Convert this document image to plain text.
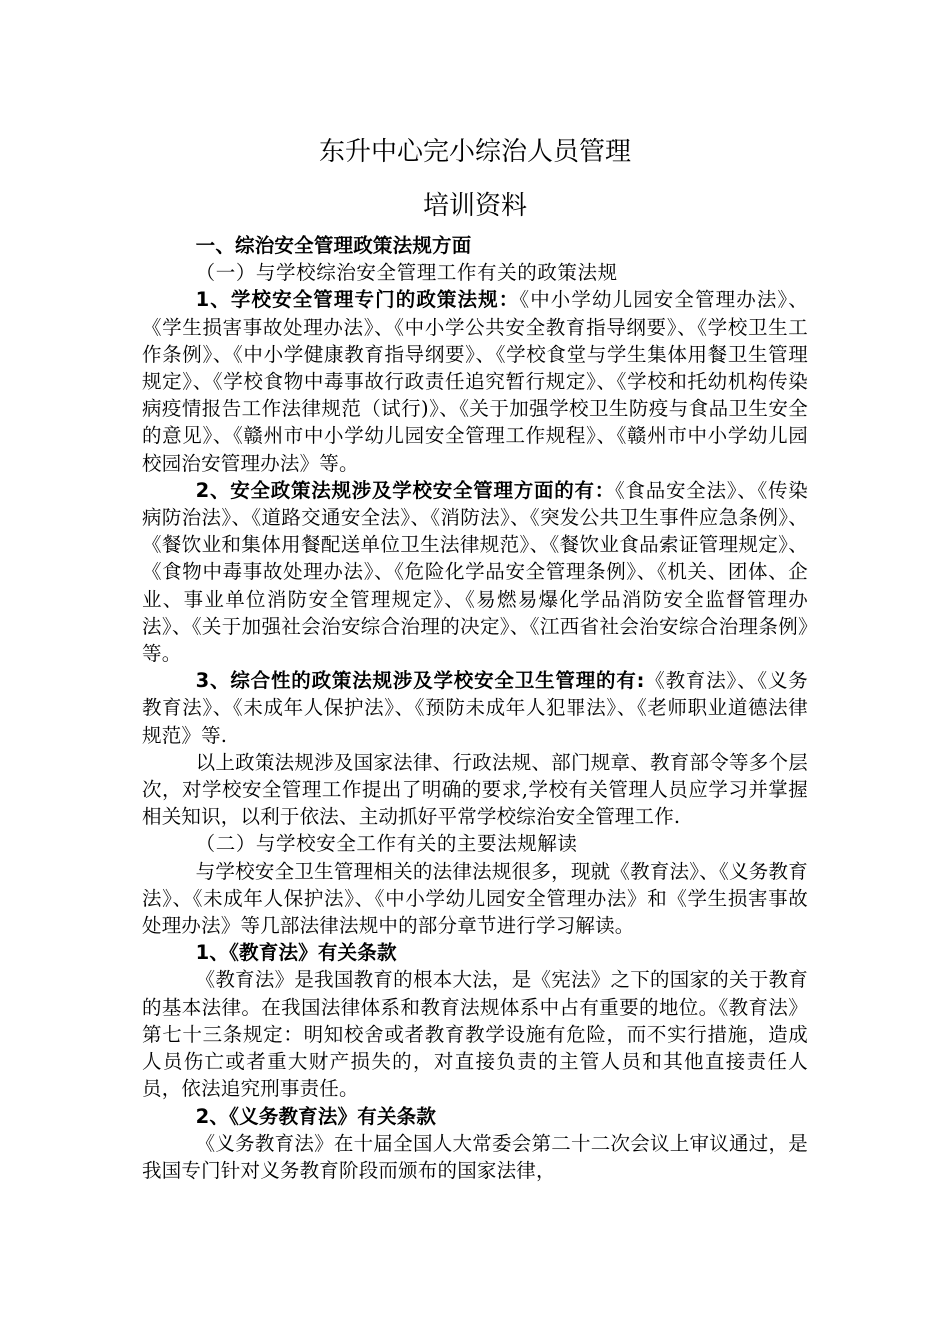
东升中心完小综治人员管理
培训资料

一、综治安全管理政策法规方面

（一）与学校综治安全管理工作有关的政策法规

1、学校安全管理专门的政策法规：《中小学幼儿园安全管理办法》、《学生损害事故处理办法》、《中小学公共安全教育指导纲要》、《学校卫生工作条例》、《中小学健康教育指导纲要》、《学校食堂与学生集体用餐卫生管理规定》、《学校食物中毒事故行政责任追究暂行规定》、《学校和托幼机构传染病疫情报告工作法律规范（试行)》、《关于加强学校卫生防疫与食品卫生安全的意见》、《赣州市中小学幼儿园安全管理工作规程》、《赣州市中小学幼儿园校园治安管理办法》等。

2、安全政策法规涉及学校安全管理方面的有：《食品安全法》、《传染病防治法》、《道路交通安全法》、《消防法》、《突发公共卫生事件应急条例》、《餐饮业和集体用餐配送单位卫生法律规范》、《餐饮业食品索证管理规定》、《食物中毒事故处理办法》、《危险化学品安全管理条例》、《机关、团体、企业、事业单位消防安全管理规定》、《易燃易爆化学品消防安全监督管理办法》、《关于加强社会治安综合治理的决定》、《江西省社会治安综合治理条例》等。

3、综合性的政策法规涉及学校安全卫生管理的有:《教育法》、《义务教育法》、《未成年人保护法》、《预防未成年人犯罪法》、《老师职业道德法律规范》等.

以上政策法规涉及国家法律、行政法规、部门规章、教育部令等多个层次，对学校安全管理工作提出了明确的要求,学校有关管理人员应学习并掌握相关知识，以利于依法、主动抓好平常学校综治安全管理工作.

（二）与学校安全工作有关的主要法规解读

与学校安全卫生管理相关的法律法规很多，现就《教育法》、《义务教育法》、《未成年人保护法》、《中小学幼儿园安全管理办法》和《学生损害事故处理办法》等几部法律法规中的部分章节进行学习解读。

1、《教育法》有关条款

《教育法》是我国教育的根本大法，是《宪法》之下的国家的关于教育的基本法律。在我国法律体系和教育法规体系中占有重要的地位。《教育法》第七十三条规定：明知校舍或者教育教学设施有危险，而不实行措施，造成人员伤亡或者重大财产损失的，对直接负责的主管人员和其他直接责任人员，依法追究刑事责任。

2、《义务教育法》有关条款

《义务教育法》在十届全国人大常委会第二十二次会议上审议通过，是我国专门针对义务教育阶段而颁布的国家法律，
